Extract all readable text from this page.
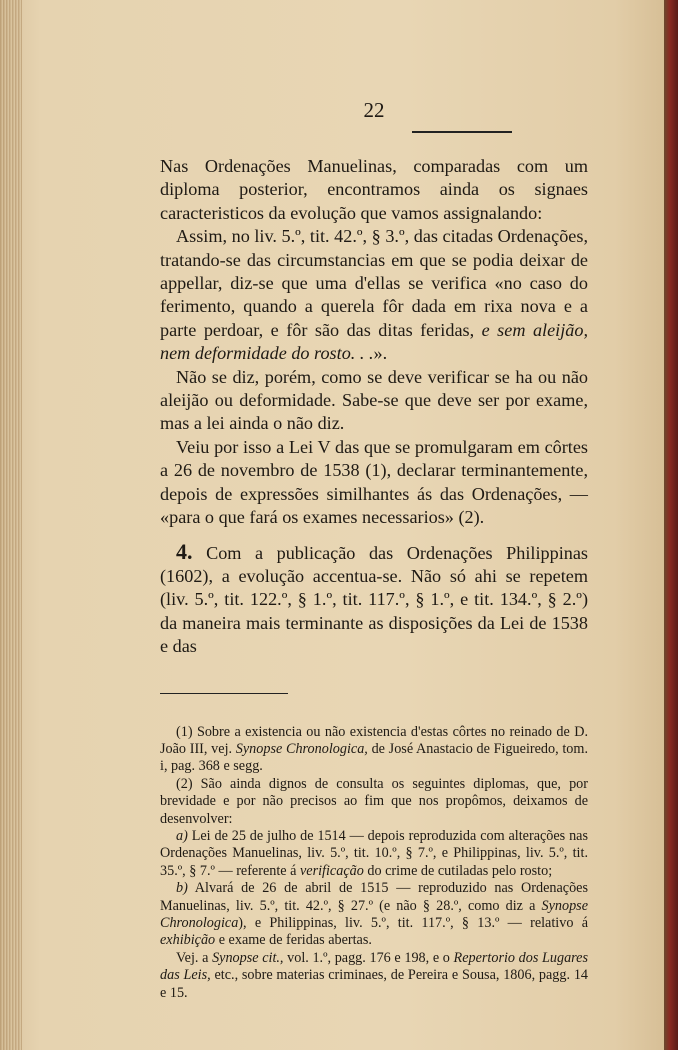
22

Nas Ordenações Manuelinas, comparadas com um diploma posterior, encontramos ainda os signaes caracteristicos da evolução que vamos assignalando:

Assim, no liv. 5.º, tit. 42.º, § 3.º, das citadas Ordenações, tratando-se das circumstancias em que se podia deixar de appellar, diz-se que uma d'ellas se verifica «no caso do ferimento, quando a querela fôr dada em rixa nova e a parte perdoar, e fôr são das ditas feridas, e sem aleijão, nem deformidade do rosto. . .».

Não se diz, porém, como se deve verificar se ha ou não aleijão ou deformidade. Sabe-se que deve ser por exame, mas a lei ainda o não diz.

Veiu por isso a Lei V das que se promulgaram em côrtes a 26 de novembro de 1538 (1), declarar terminantemente, depois de expressões similhantes ás das Ordenações, — «para o que fará os exames necessarios» (2).

4. Com a publicação das Ordenações Philippinas (1602), a evolução accentua-se. Não só ahi se repetem (liv. 5.º, tit. 122.º, § 1.º, tit. 117.º, § 1.º, e tit. 134.º, § 2.º) da maneira mais terminante as disposições da Lei de 1538 e das

(1) Sobre a existencia ou não existencia d'estas côrtes no reinado de D. João III, vej. Synopse Chronologica, de José Anastacio de Figueiredo, tom. i, pag. 368 e segg.

(2) São ainda dignos de consulta os seguintes diplomas, que, por brevidade e por não precisos ao fim que nos propômos, deixamos de desenvolver:

a) Lei de 25 de julho de 1514 — depois reproduzida com alterações nas Ordenações Manuelinas, liv. 5.º, tit. 10.º, § 7.º, e Philippinas, liv. 5.º, tit. 35.º, § 7.º — referente á verificação do crime de cutiladas pelo rosto;

b) Alvará de 26 de abril de 1515 — reproduzido nas Ordenações Manuelinas, liv. 5.º, tit. 42.º, § 27.º (e não § 28.º, como diz a Synopse Chronologica), e Philippinas, liv. 5.º, tit. 117.º, § 13.º — relativo á exhibição e exame de feridas abertas.

Vej. a Synopse cit., vol. 1.º, pagg. 176 e 198, e o Repertorio dos Lugares das Leis, etc., sobre materias criminaes, de Pereira e Sousa, 1806, pagg. 14 e 15.
